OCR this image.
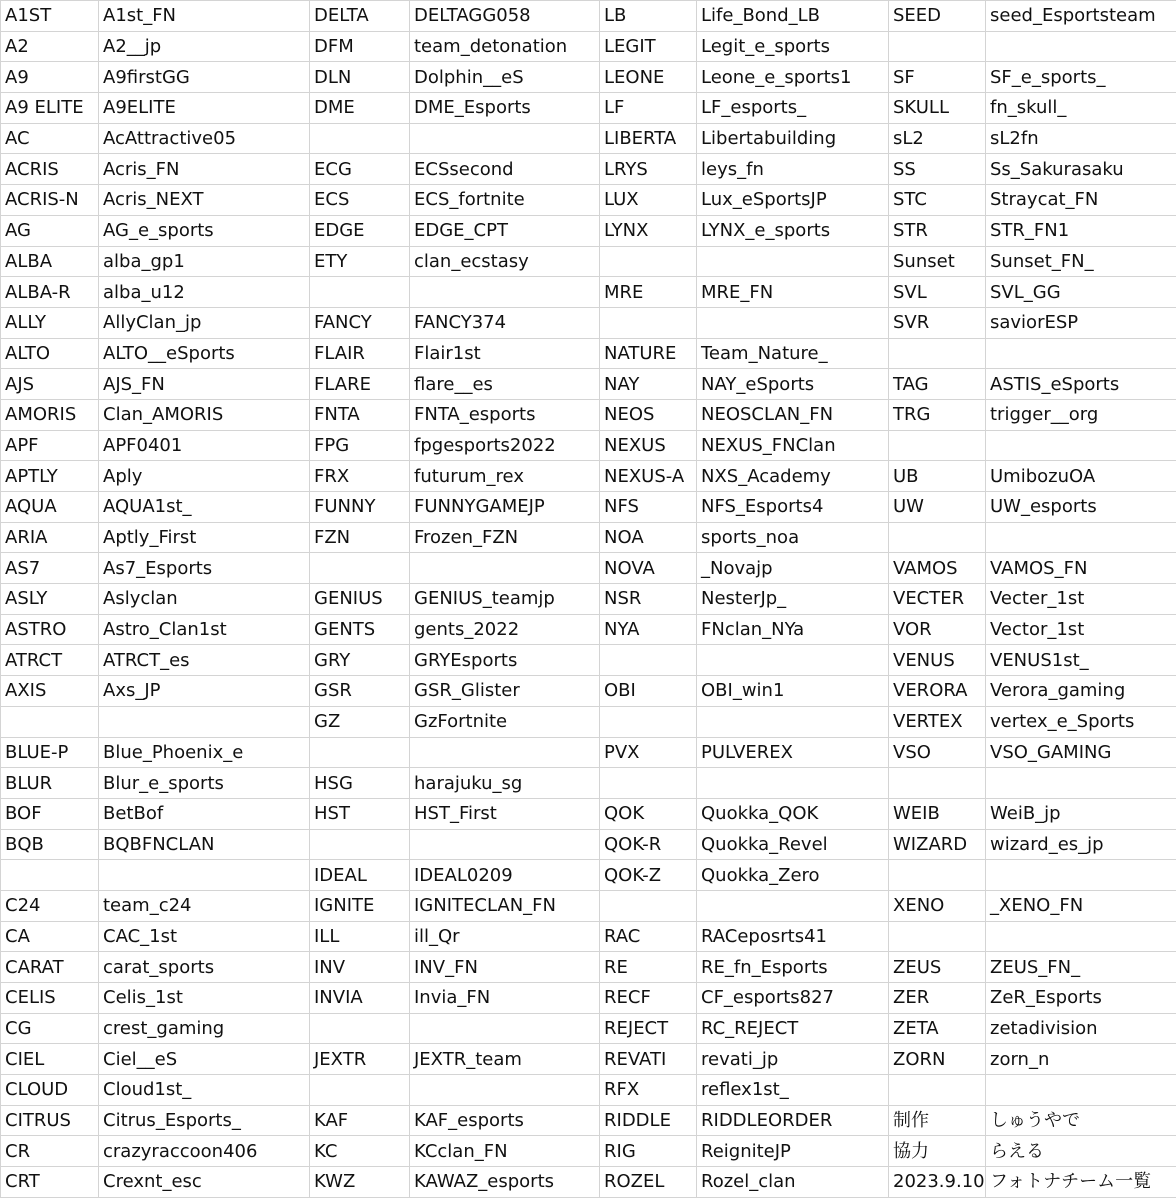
A1ST	A1st_FN	DELTA	DELTAGG058	LB	Life_Bond_LB	SEED	seed_Esportsteam
A2	A2__jp	DFM	team_detonation	LEGIT	Legit_e_sports		
A9	A9firstGG	DLN	Dolphin__eS	LEONE	Leone_e_sports1	SF	SF_e_sports_
A9 ELITE	A9ELITE	DME	DME_Esports	LF	LF_esports_	SKULL	fn_skull_
AC	AcAttractive05			LIBERTA	Libertabuilding	sL2	sL2fn
ACRIS	Acris_FN	ECG	ECSsecond	LRYS	leys_fn	SS	Ss_Sakurasaku
ACRIS-N	Acris_NEXT	ECS	ECS_fortnite	LUX	Lux_eSportsJP	STC	Straycat_FN
AG	AG_e_sports	EDGE	EDGE_CPT	LYNX	LYNX_e_sports	STR	STR_FN1
ALBA	alba_gp1	ETY	clan_ecstasy			Sunset	Sunset_FN_
ALBA-R	alba_u12			MRE	MRE_FN	SVL	SVL_GG
ALLY	AllyClan_jp	FANCY	FANCY374			SVR	saviorESP
ALTO	ALTO__eSports	FLAIR	Flair1st	NATURE	Team_Nature_		
AJS	AJS_FN	FLARE	flare__es	NAY	NAY_eSports	TAG	ASTIS_eSports
AMORIS	Clan_AMORIS	FNTA	FNTA_esports	NEOS	NEOSCLAN_FN	TRG	trigger__org
APF	APF0401	FPG	fpgesports2022	NEXUS	NEXUS_FNClan		
APTLY	Aply	FRX	futurum_rex	NEXUS-A	NXS_Academy	UB	UmibozuOA
AQUA	AQUA1st_	FUNNY	FUNNYGAMEJP	NFS	NFS_Esports4	UW	UW_esports
ARIA	Aptly_First	FZN	Frozen_FZN	NOA	sports_noa		
AS7	As7_Esports			NOVA	_Novajp	VAMOS	VAMOS_FN
ASLY	Aslyclan	GENIUS	GENIUS_teamjp	NSR	NesterJp_	VECTER	Vecter_1st
ASTRO	Astro_Clan1st	GENTS	gents_2022	NYA	FNclan_NYa	VOR	Vector_1st
ATRCT	ATRCT_es	GRY	GRYEsports			VENUS	VENUS1st_
AXIS	Axs_JP	GSR	GSR_Glister	OBI	OBI_win1	VERORA	Verora_gaming
		GZ	GzFortnite			VERTEX	vertex_e_Sports
BLUE-P	Blue_Phoenix_e			PVX	PULVEREX	VSO	VSO_GAMING
BLUR	Blur_e_sports	HSG	harajuku_sg				
BOF	BetBof	HST	HST_First	QOK	Quokka_QOK	WEIB	WeiB_jp
BQB	BQBFNCLAN			QOK-R	Quokka_Revel	WIZARD	wizard_es_jp
		IDEAL	IDEAL0209	QOK-Z	Quokka_Zero		
C24	team_c24	IGNITE	IGNITECLAN_FN			XENO	_XENO_FN
CA	CAC_1st	ILL	ill_Qr	RAC	RACeposrts41		
CARAT	carat_sports	INV	INV_FN	RE	RE_fn_Esports	ZEUS	ZEUS_FN_
CELIS	Celis_1st	INVIA	Invia_FN	RECF	CF_esports827	ZER	ZeR_Esports
CG	crest_gaming			REJECT	RC_REJECT	ZETA	zetadivision
CIEL	Ciel__eS	JEXTR	JEXTR_team	REVATI	revati_jp	ZORN	zorn_n
CLOUD	Cloud1st_			RFX	reflex1st_		
CITRUS	Citrus_Esports_	KAF	KAF_esports	RIDDLE	RIDDLEORDER	制作	しゅうやで
CR	crazyraccoon406	KC	KCclan_FN	RIG	ReigniteJP	協力	らえる
CRT	Crexnt_esc	KWZ	KAWAZ_esports	ROZEL	Rozel_clan	2023.9.10	フォトナチーム一覧
